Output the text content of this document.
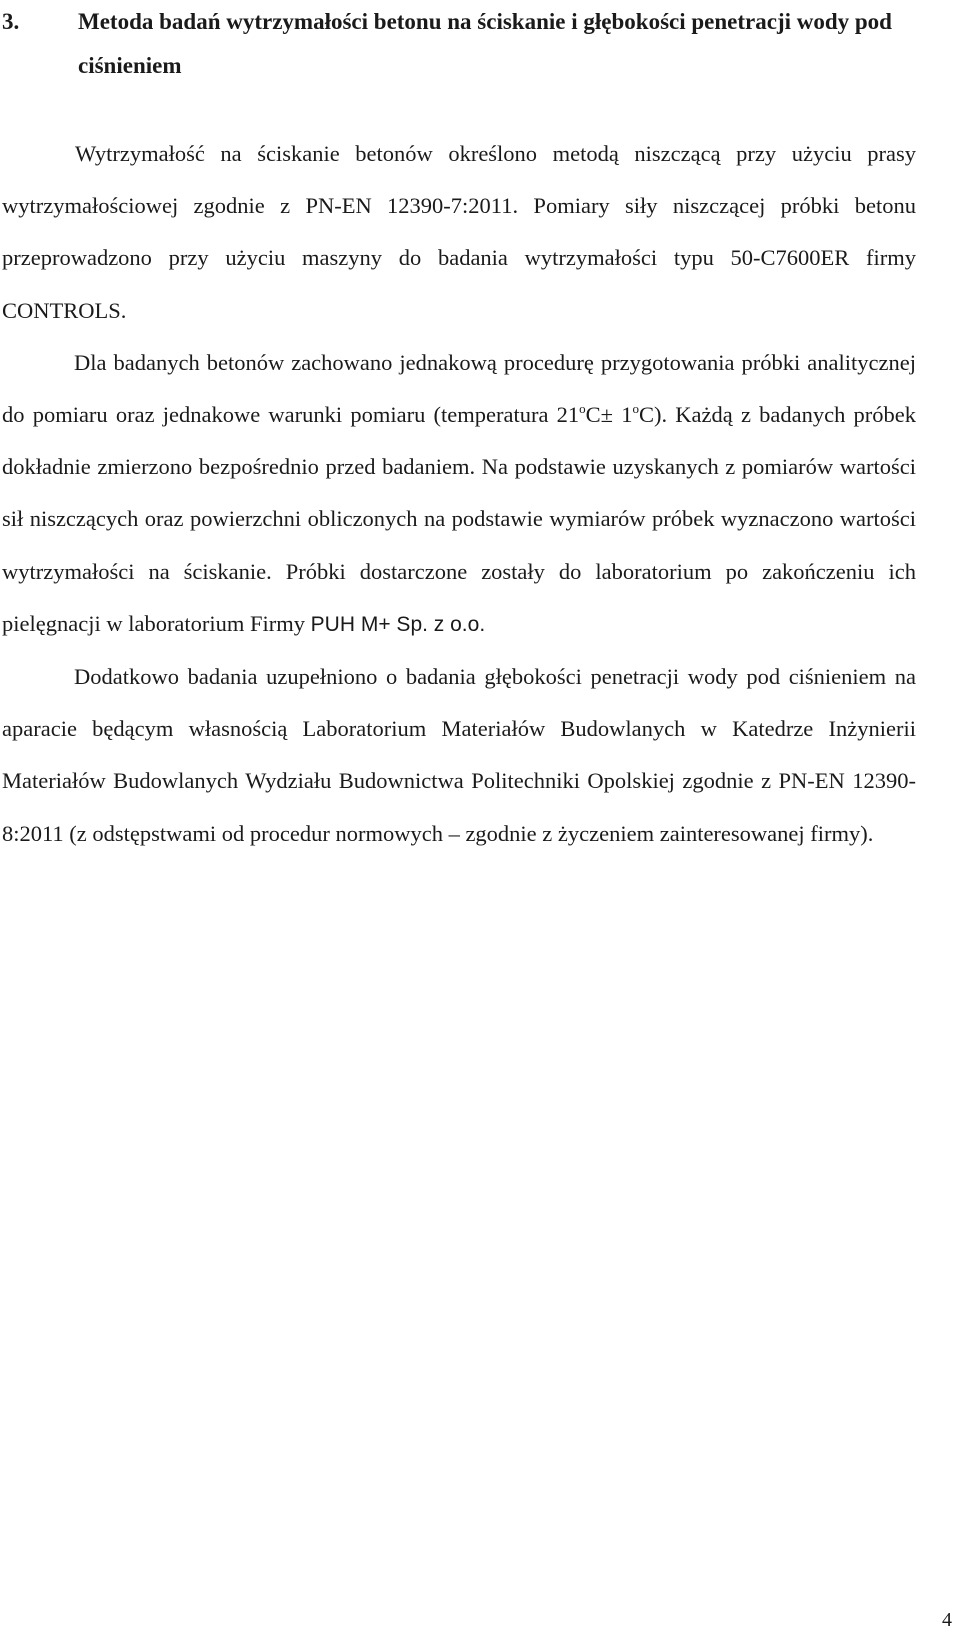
3.	Metoda badań wytrzymałości betonu na ściskanie i głębokości penetracji wody pod ciśnieniem

Wytrzymałość na ściskanie betonów określono metodą niszczącą przy użyciu prasy wytrzymałościowej zgodnie z PN-EN 12390-7:2011. Pomiary siły niszczącej próbki betonu przeprowadzono przy użyciu maszyny do badania wytrzymałości typu 50-C7600ER firmy CONTROLS.

Dla badanych betonów zachowano jednakową procedurę przygotowania próbki analitycznej do pomiaru oraz jednakowe warunki pomiaru (temperatura $21^oC\pm 1^oC$). Każdą z badanych próbek dokładnie zmierzono bezpośrednio przed badaniem. Na podstawie uzyskanych z pomiarów wartości sił niszczących oraz powierzchni obliczonych na podstawie wymiarów próbek wyznaczono wartości wytrzymałości na ściskanie. Próbki dostarczone zostały do laboratorium po zakończeniu ich pielęgnacji w laboratorium Firmy PUH M+ Sp. z o.o.

Dodatkowo badania uzupełniono o badania głębokości penetracji wody pod ciśnieniem na aparacie będącym własnością Laboratorium Materiałów Budowlanych w Katedrze Inżynierii Materiałów Budowlanych Wydziału Budownictwa Politechniki Opolskiej zgodnie z PN-EN 12390-8:2011 (z odstępstwami od procedur normowych – zgodnie z życzeniem zainteresowanej firmy).

4
